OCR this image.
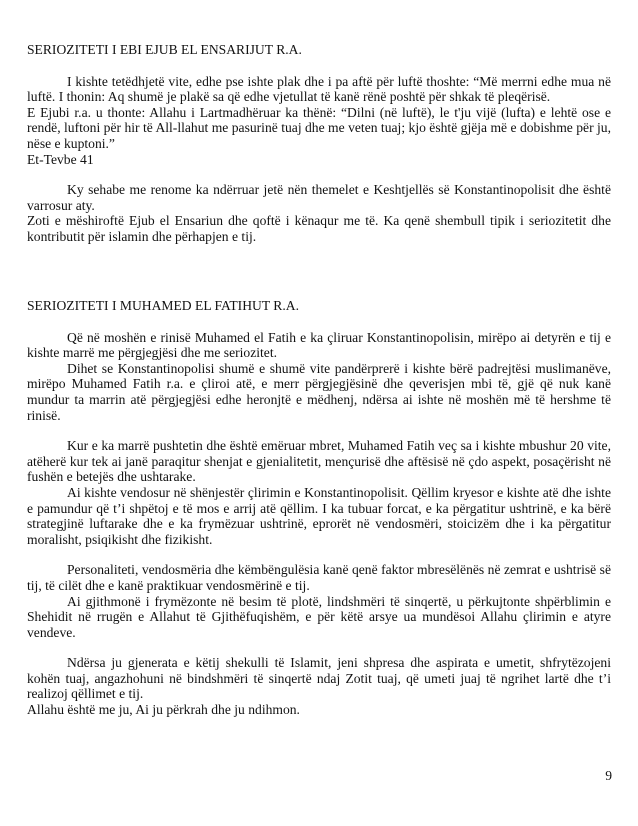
SERIOZITETI I EBI EJUB EL ENSARIJUT R.A.

I kishte tetëdhjetë vite, edhe pse ishte plak dhe i pa aftë për luftë thoshte: “Më merrni edhe mua në luftë. I thonin: Aq shumë je plakë sa që edhe vjetullat të kanë rënë poshtë për shkak të pleqërisë.

E Ejubi r.a. u thonte: Allahu i Lartmadhëruar ka thënë: “Dilni (në luftë), le t'ju vijë (lufta) e lehtë ose e rendë, luftoni për hir të All-llahut me pasurinë tuaj dhe me veten tuaj; kjo është gjëja më e dobishme për ju, nëse e kuptoni.”

Et-Tevbe 41

Ky sehabe me renome ka ndërruar jetë nën themelet e Keshtjellës së Konstantinopolisit dhe është varrosur aty.

Zoti e mëshiroftë Ejub el Ensariun dhe qoftë i kënaqur me të. Ka qenë shembull tipik i seriozitetit dhe kontributit për islamin dhe përhapjen e tij.

SERIOZITETI I MUHAMED EL FATIHUT R.A.

Që në moshën e rinisë Muhamed el Fatih e ka çliruar Konstantinopolisin, mirëpo ai detyrën e tij e kishte marrë me përgjegjësi dhe me seriozitet.

Dihet se Konstantinopolisi shumë e shumë vite pandërprerë i kishte bërë padrejtësi muslimanëve, mirëpo Muhamed Fatih r.a. e çliroi atë, e merr përgjegjësinë dhe qeverisjen mbi të, gjë që nuk kanë mundur ta marrin atë përgjegjësi edhe heronjtë e mëdhenj, ndërsa ai ishte në moshën më të hershme të rinisë.

Kur e ka marrë pushtetin dhe është emëruar mbret, Muhamed Fatih veç sa i kishte mbushur 20 vite, atëherë kur tek ai janë paraqitur shenjat e gjenialitetit, mençurisë dhe aftësisë në çdo aspekt, posaçërisht në fushën e betejës dhe ushtarake.

Ai kishte vendosur në shënjestër çlirimin e Konstantinopolisit. Qëllim kryesor e kishte atë dhe ishte e pamundur që t’i shpëtoj e të mos e arrij atë qëllim. I ka tubuar forcat, e ka përgatitur ushtrinë, e ka bërë strategjinë luftarake dhe e ka frymëzuar ushtrinë, eprorët në vendosmëri, stoicizëm dhe i ka përgatitur moralisht, psiqikisht dhe fizikisht.

Personaliteti, vendosmëria dhe këmbëngulësia kanë qenë faktor mbresëlënës në zemrat e ushtrisë së tij, të cilët dhe e kanë praktikuar vendosmërinë e tij.

Ai gjithmonë i frymëzonte në besim të plotë, lindshmëri të sinqertë, u përkujtonte shpërblimin e Shehidit në rrugën e Allahut të Gjithëfuqishëm, e për këtë arsye ua mundësoi Allahu çlirimin e atyre vendeve.

Ndërsa ju gjenerata e këtij shekulli të Islamit, jeni shpresa dhe aspirata e umetit, shfrytëzojeni kohën tuaj, angazhohuni në bindshmëri të sinqertë ndaj Zotit tuaj, që umeti juaj të ngrihet lartë dhe t’i realizoj qëllimet e tij.

Allahu është me ju, Ai ju përkrah dhe ju ndihmon.

9
